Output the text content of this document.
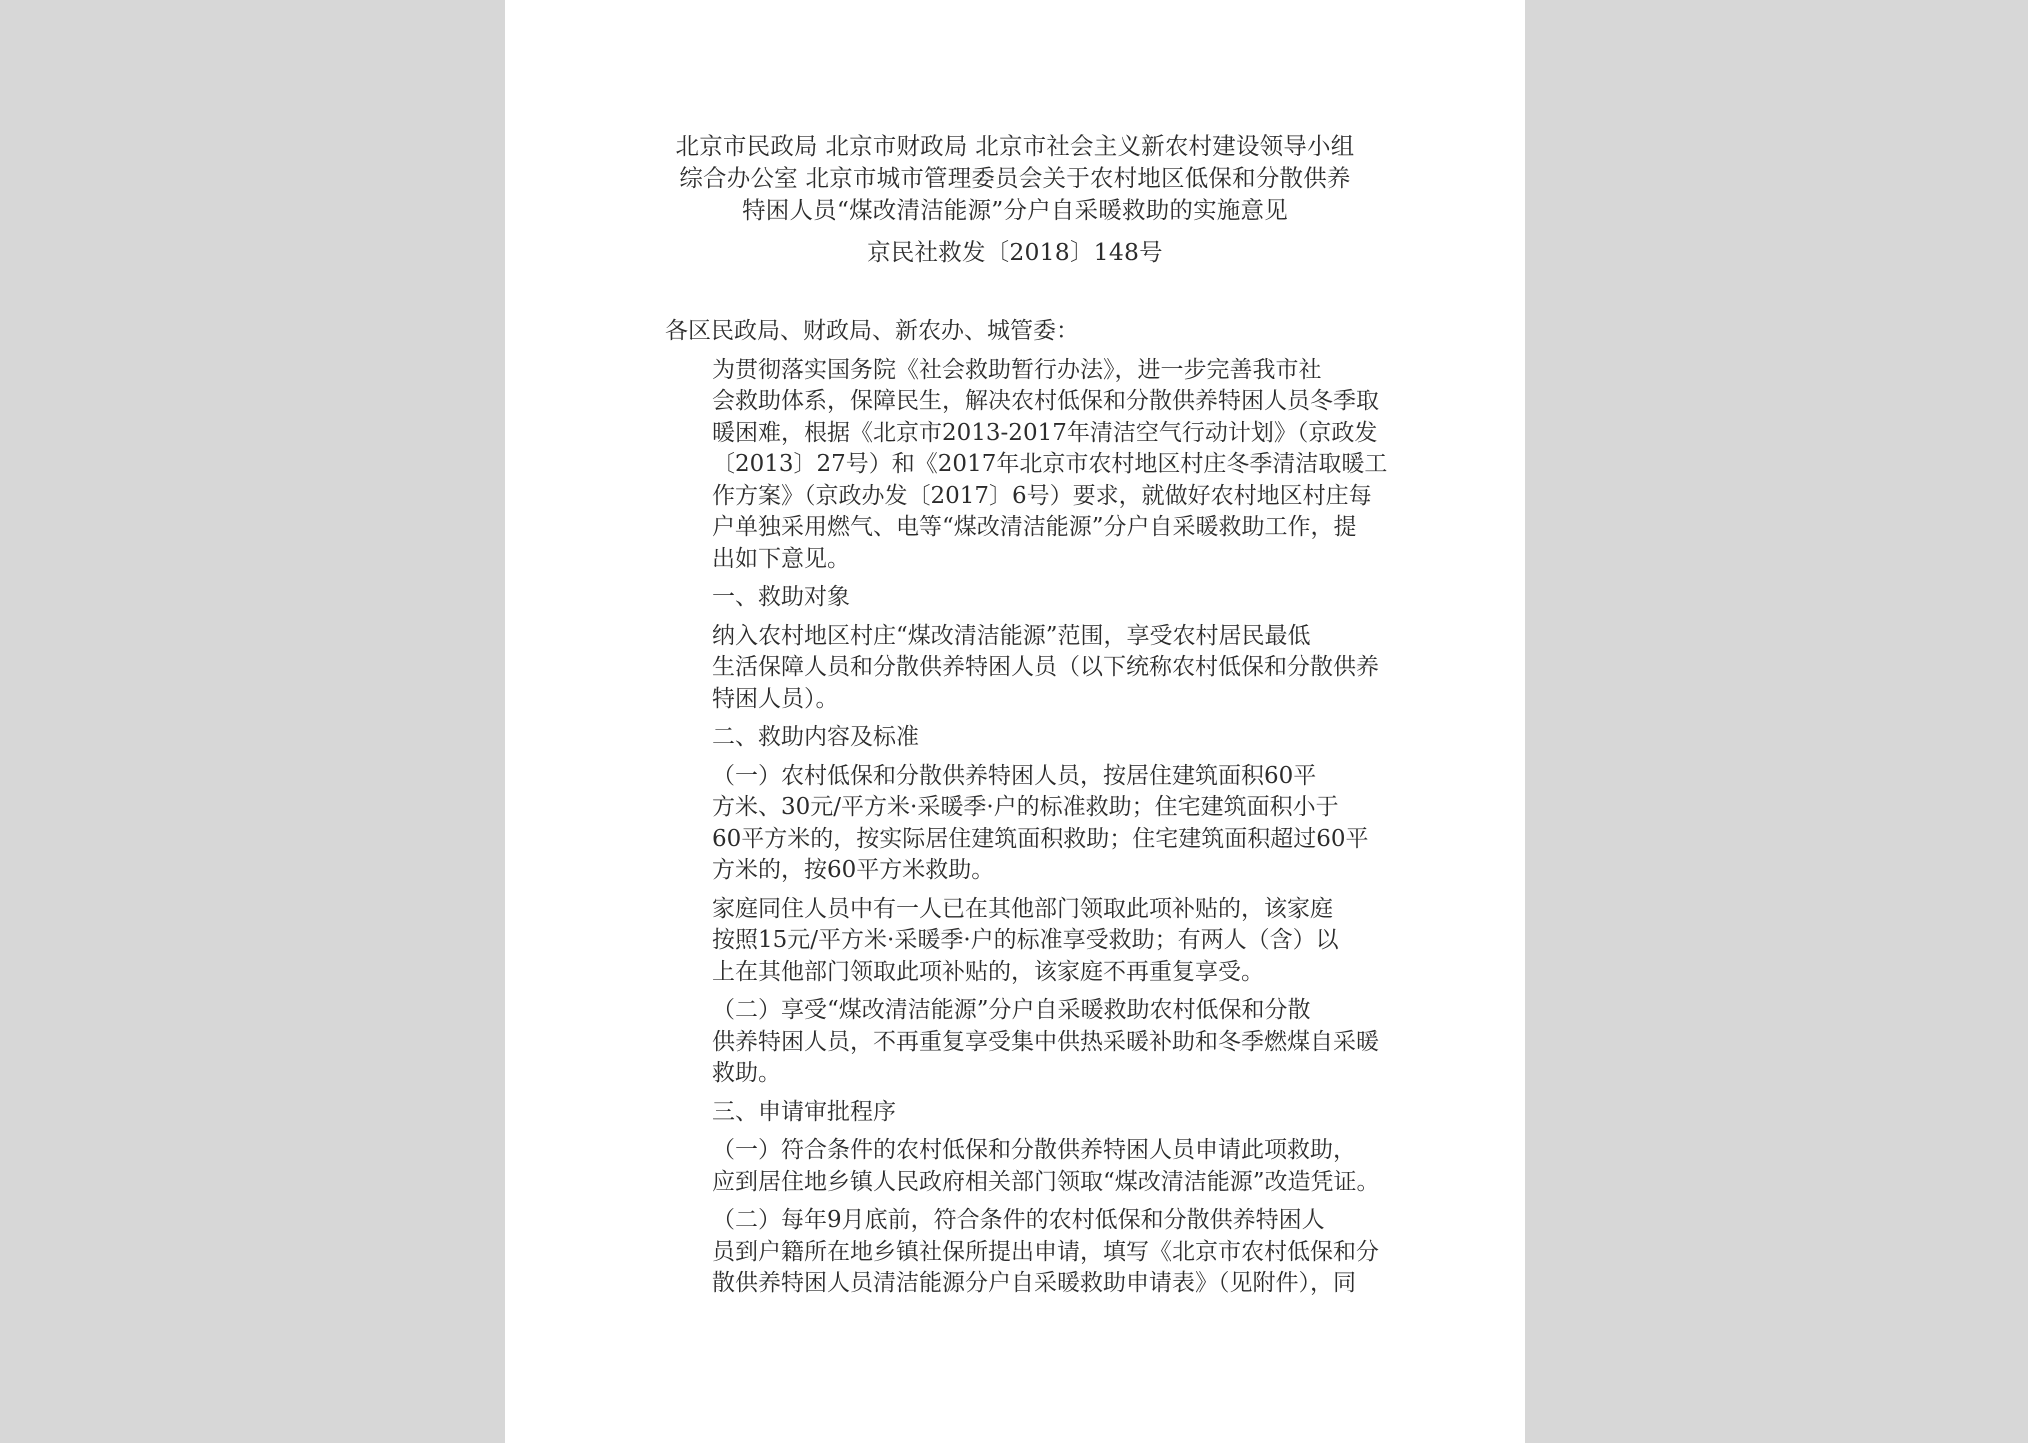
北京市民政局 北京市财政局 北京市社会主义新农村建设领导小组
综合办公室 北京市城市管理委员会关于农村地区低保和分散供养
特困人员“煤改清洁能源”分户自采暖救助的实施意见
京民社救发〔2018〕148号

各区民政局、财政局、新农办、城管委：

为贯彻落实国务院《社会救助暂行办法》，进一步完善我市社
会救助体系，保障民生，解决农村低保和分散供养特困人员冬季取
暖困难，根据《北京市2013-2017年清洁空气行动计划》（京政发
〔2013〕27号）和《2017年北京市农村地区村庄冬季清洁取暖工
作方案》（京政办发〔2017〕6号）要求，就做好农村地区村庄每
户单独采用燃气、电等“煤改清洁能源”分户自采暖救助工作，提
出如下意见。

一、救助对象

纳入农村地区村庄“煤改清洁能源”范围，享受农村居民最低
生活保障人员和分散供养特困人员（以下统称农村低保和分散供养
特困人员）。

二、救助内容及标准

（一）农村低保和分散供养特困人员，按居住建筑面积60平
方米、30元/平方米·采暖季·户的标准救助；住宅建筑面积小于
60平方米的，按实际居住建筑面积救助；住宅建筑面积超过60平
方米的，按60平方米救助。

家庭同住人员中有一人已在其他部门领取此项补贴的，该家庭
按照15元/平方米·采暖季·户的标准享受救助；有两人（含）以
上在其他部门领取此项补贴的，该家庭不再重复享受。

（二）享受“煤改清洁能源”分户自采暖救助农村低保和分散
供养特困人员，不再重复享受集中供热采暖补助和冬季燃煤自采暖
救助。

三、申请审批程序

（一）符合条件的农村低保和分散供养特困人员申请此项救助，
应到居住地乡镇人民政府相关部门领取“煤改清洁能源”改造凭证。

（二）每年9月底前，符合条件的农村低保和分散供养特困人
员到户籍所在地乡镇社保所提出申请，填写《北京市农村低保和分
散供养特困人员清洁能源分户自采暖救助申请表》（见附件），同
